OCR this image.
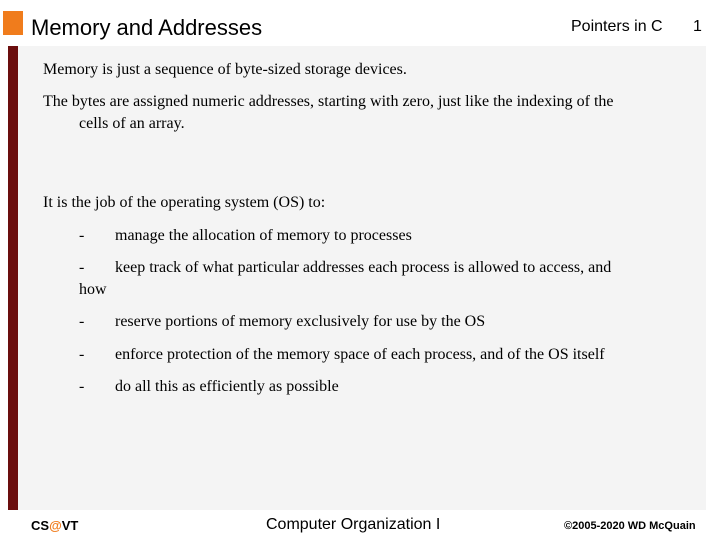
Memory and Addresses	Pointers in C 1

Memory is just a sequence of byte-sized storage devices.

The bytes are assigned numeric addresses, starting with zero, just like the indexing of the
cells of an array.

It is the job of the operating system (OS) to:

- manage the allocation of memory to processes
- keep track of what particular addresses each process is allowed to access, and
how
- reserve portions of memory exclusively for use by the OS
- enforce protection of the memory space of each process, and of the OS itself
- do all this as efficiently as possible
CS@VT	Computer Organization I	©2005-2020 WD McQuain
